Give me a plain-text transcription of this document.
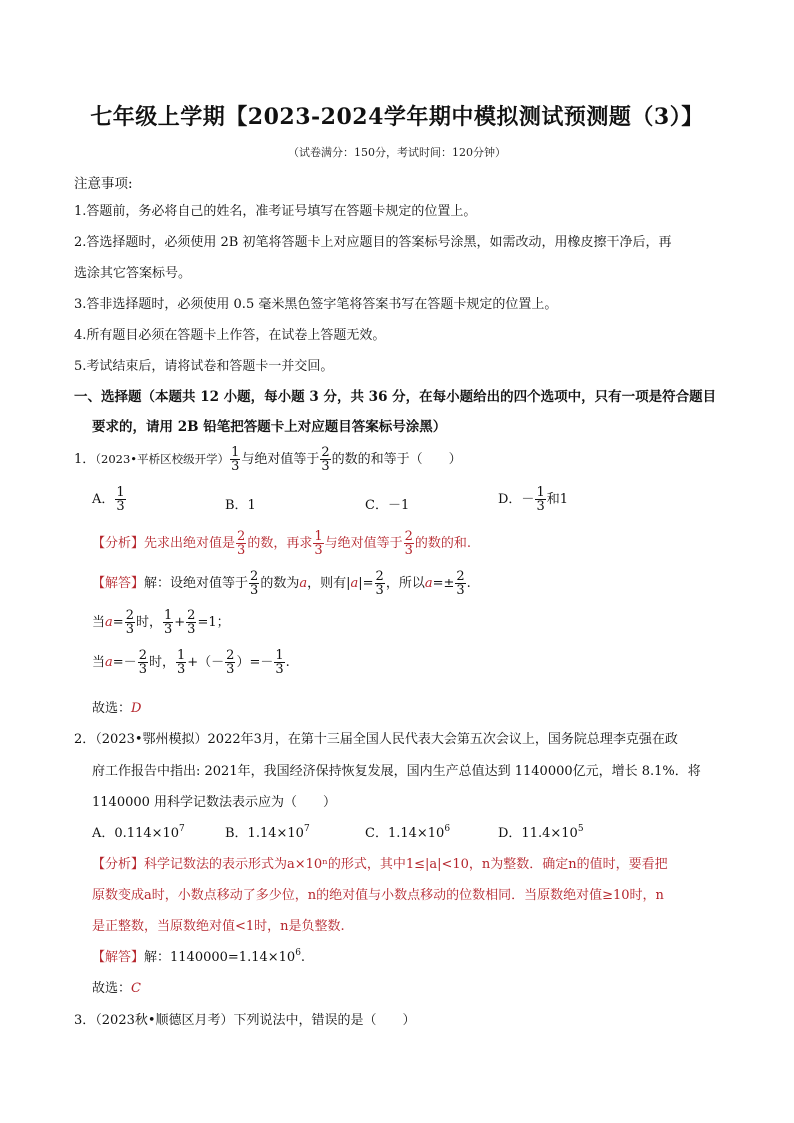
七年级上学期【2023-2024学年期中模拟测试预测题（3）】
（试卷满分：150分，考试时间：120分钟）
注意事项:
1.答题前，务必将自己的姓名，准考证号填写在答题卡规定的位置上。
2.答选择题时，必须使用 2B 初笔将答题卡上对应题目的答案标号涂黑，如需改动，用橡皮擦干净后，再
选涂其它答案标号。
3.答非选择题时，必须使用 0.5 毫米黑色签字笔将答案书写在答题卡规定的位置上。
4.所有题目必须在答题卡上作答，在试卷上答题无效。
5.考试结束后，请将试卷和答题卡一并交回。
一、选择题（本题共 12 小题，每小题 3 分，共 36 分，在每小题给出的四个选项中，只有一项是符合题目
要求的，请用 2B 铅笔把答题卡上对应题目答案标号涂黑）
1．（2023•平桥区校级开学） $\frac{1}{3}$ 与绝对值等于 $\frac{2}{3}$ 的数的和等于（　　）
A． $\frac{1}{3}$	B．1	C．－1	D．－ $\frac{1}{3}$ 和1
【分析】先求出绝对值是 $\frac{2}{3}$ 的数，再求 $\frac{1}{3}$ 与绝对值等于 $\frac{2}{3}$ 的数的和.
【解答】解：设绝对值等于 $\frac{2}{3}$ 的数为a，则有$|a|= \frac{2}{3}$ ，所以$a=\pm \frac{2}{3}$ .
当$a= \frac{2}{3}$ 时， $\frac{1}{3} + \frac{2}{3} =1$；
当$a=- \frac{2}{3}$ 时， $\frac{1}{3}$ +（－ $\frac{2}{3}$ ）=－ $\frac{1}{3}$ .
故选：D
2．（2023•鄂州模拟）2022年3月，在第十三届全国人民代表大会第五次会议上，国务院总理李克强在政
府工作报告中指出: 2021年，我国经济保持恢复发展，国内生产总值达到 1140000亿元，增长 8.1%．将
1140000 用科学记数法表示应为（　　）
A．$0.114\times 10^7$	B．$1.14\times 10^7$	C．$1.14\times 10^6$	D．$11.4\times 10^5$
【分析】科学记数法的表示形式为a×10ⁿ的形式，其中1≤|a|<10，n为整数．确定n的值时，要看把
原数变成a时，小数点移动了多少位，n的绝对值与小数点移动的位数相同．当原数绝对值≥10时，n
是正整数，当原数绝对值<1时，n是负整数.
【解答】解：$1140000=1.14\times 10^6$.
故选：C
3．（2023秋•顺德区月考）下列说法中，错误的是（　　）
